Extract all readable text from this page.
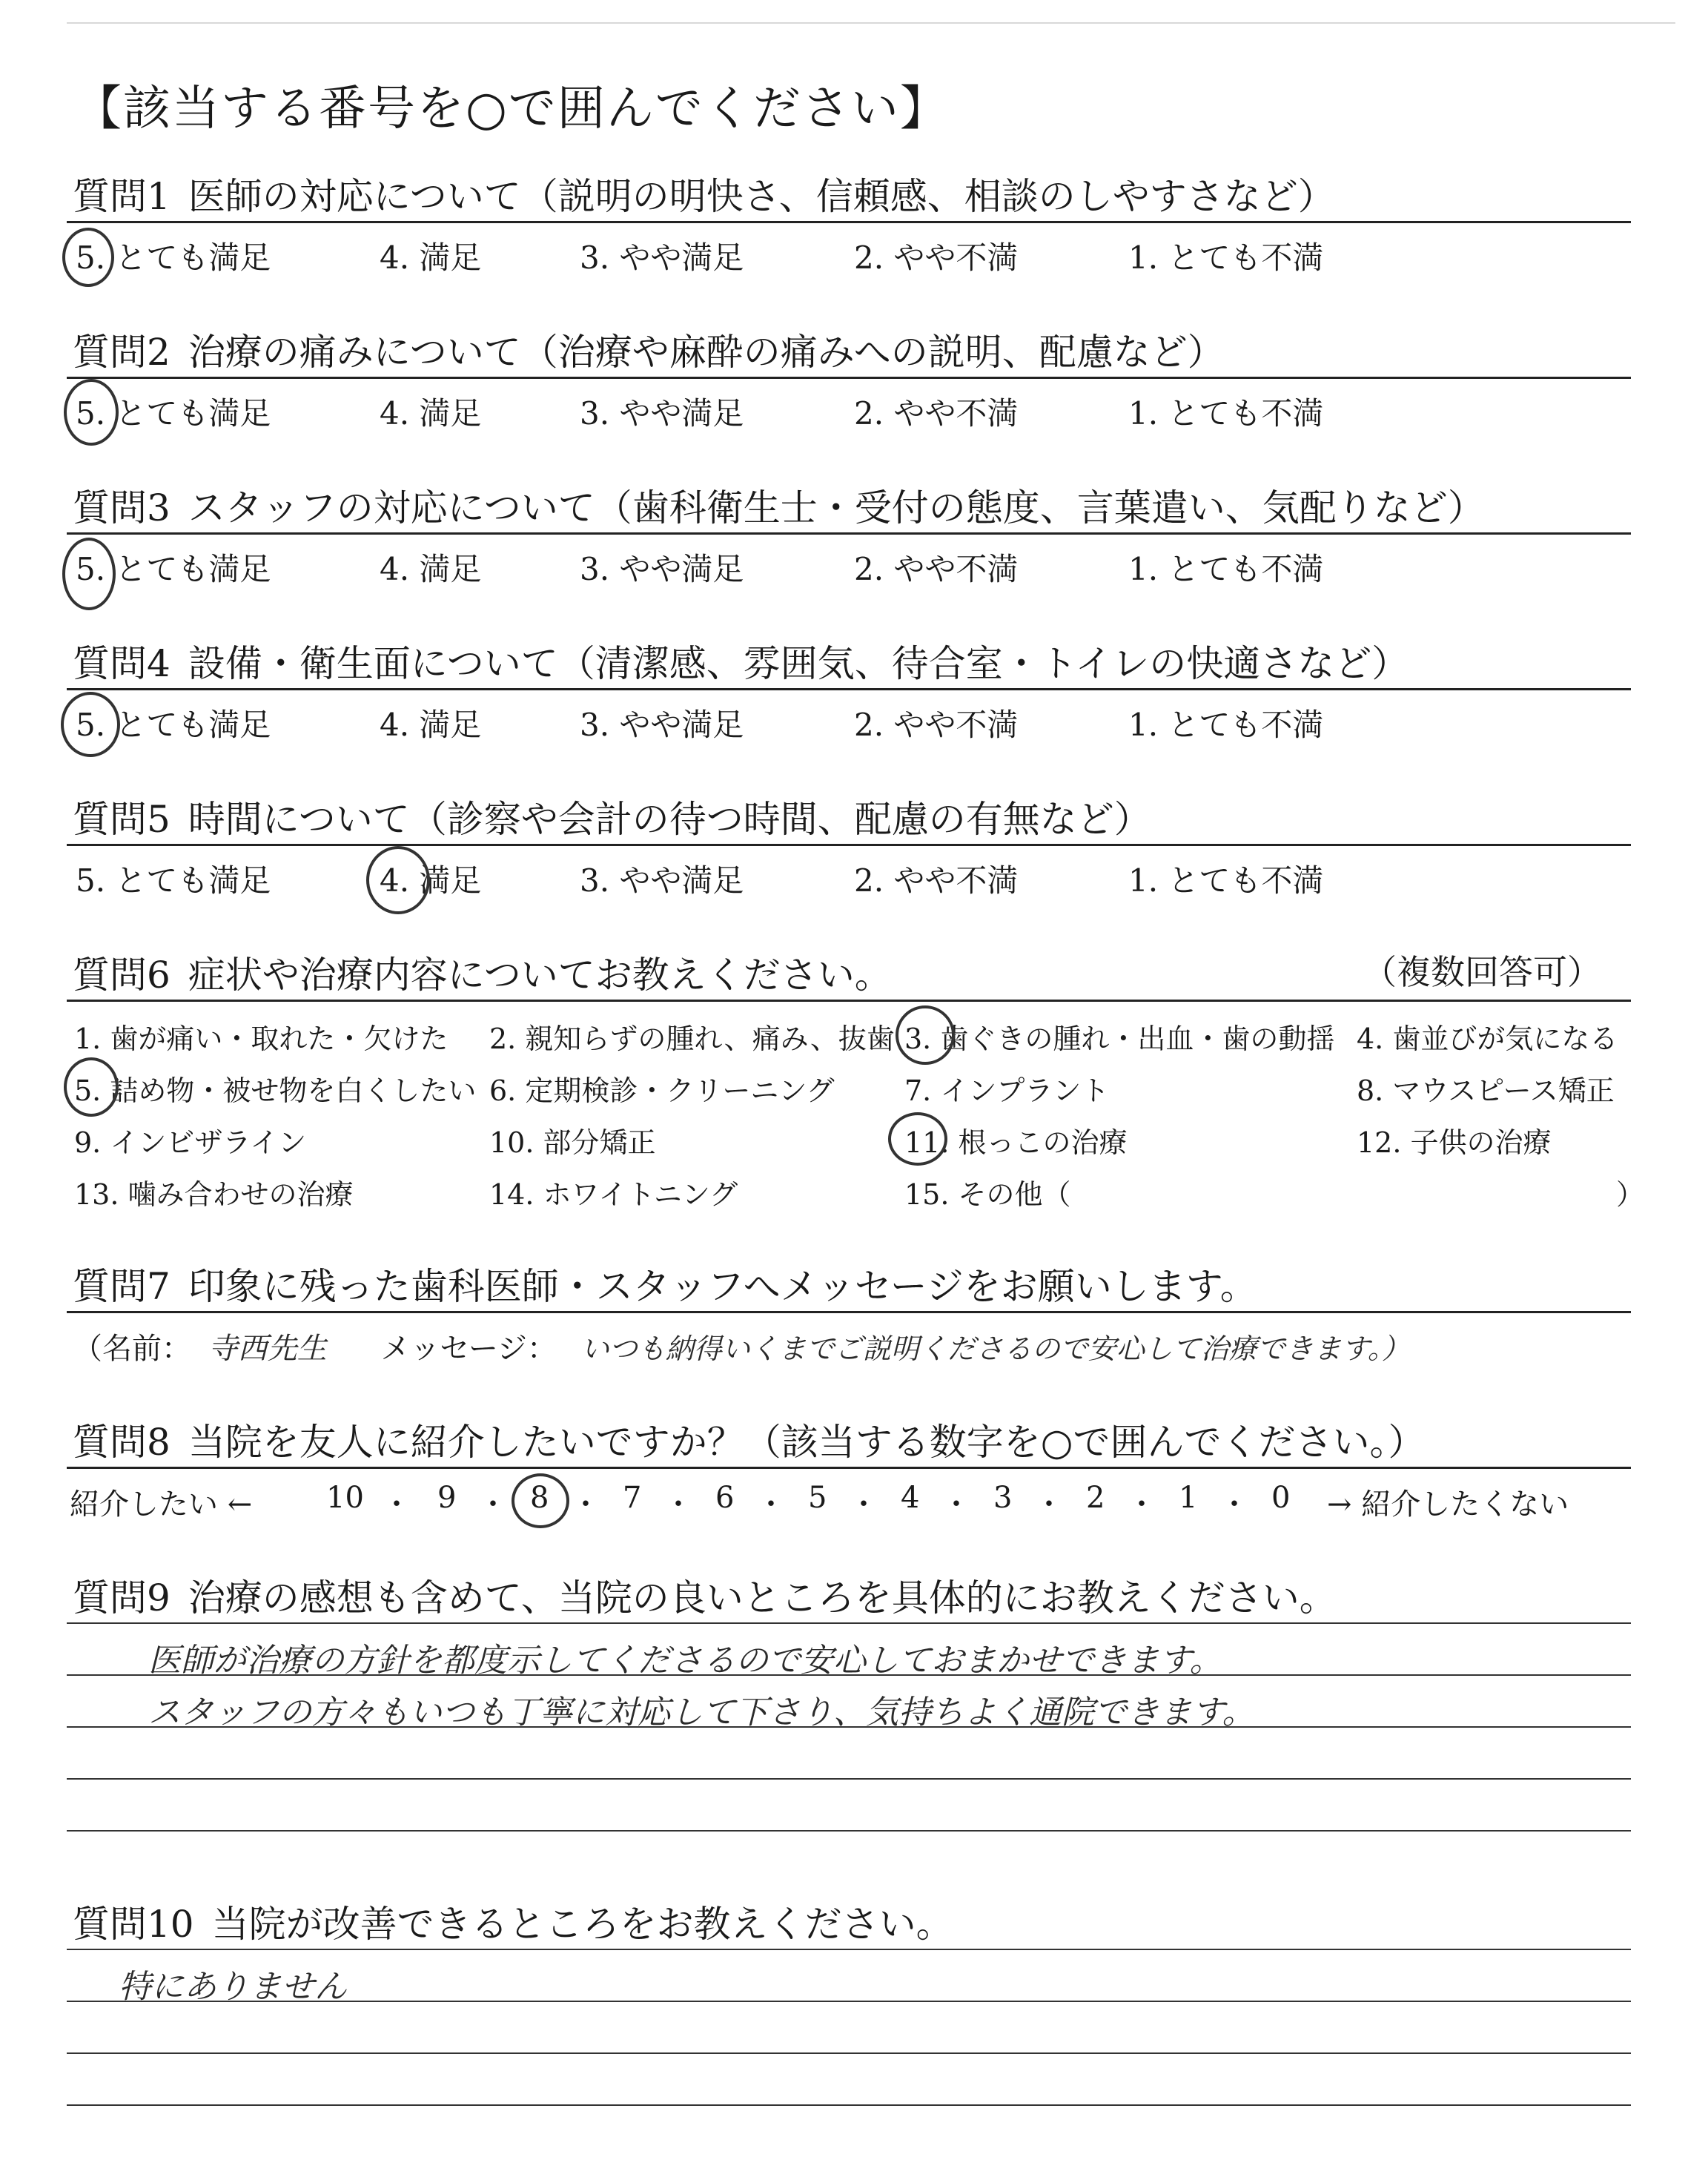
【該当する番号を○で囲んでください】
質問1 医師の対応について（説明の明快さ、信頼感、相談のしやすさなど）
5. とても満足	4. 満足	3. やや満足	2. やや不満	1. とても不満
質問2 治療の痛みについて（治療や麻酔の痛みへの説明、配慮など）
5. とても満足	4. 満足	3. やや満足	2. やや不満	1. とても不満
質問3 スタッフの対応について（歯科衛生士・受付の態度、言葉遣い、気配りなど）
5. とても満足	4. 満足	3. やや満足	2. やや不満	1. とても不満
質問4 設備・衛生面について（清潔感、雰囲気、待合室・トイレの快適さなど）
5. とても満足	4. 満足	3. やや満足	2. やや不満	1. とても不満
質問5 時間について（診察や会計の待つ時間、配慮の有無など）
5. とても満足	4. 満足	3. やや満足	2. やや不満	1. とても不満
質問6 症状や治療内容についてお教えください。	（複数回答可）
1. 歯が痛い・取れた・欠けた 2. 親知らずの腫れ、痛み、抜歯 3. 歯ぐきの腫れ・出血・歯の動揺 4. 歯並びが気になる
5. 詰め物・被せ物を白くしたい 6. 定期検診・クリーニング 7. インプラント	8. マウスピース矯正
9. インビザライン	10. 部分矯正	11. 根っこの治療	12. 子供の治療
13. 噛み合わせの治療	14. ホワイトニング	15. その他（	）
質問7 印象に残った歯科医師・スタッフへメッセージをお願いします。
（名前： 寺西先生 メッセージ： いつも納得いくまでご説明くださるので安心して治療できます。）
質問8 当院を友人に紹介したいですか？（該当する数字を○で囲んでください。）
紹介したい ← 10 ・ 9 ・ 8 ・ 7 ・ 6 ・ 5 ・ 4 ・ 3 ・ 2 ・ 1 ・ 0 → 紹介したくない
質問9 治療の感想も含めて、当院の良いところを具体的にお教えください。
医師が治療の方針を都度示してくださるので安心しておまかせできます。
スタッフの方々もいつも丁寧に対応して下さり、気持ちよく通院できます。
質問10 当院が改善できるところをお教えください。
特にありません
